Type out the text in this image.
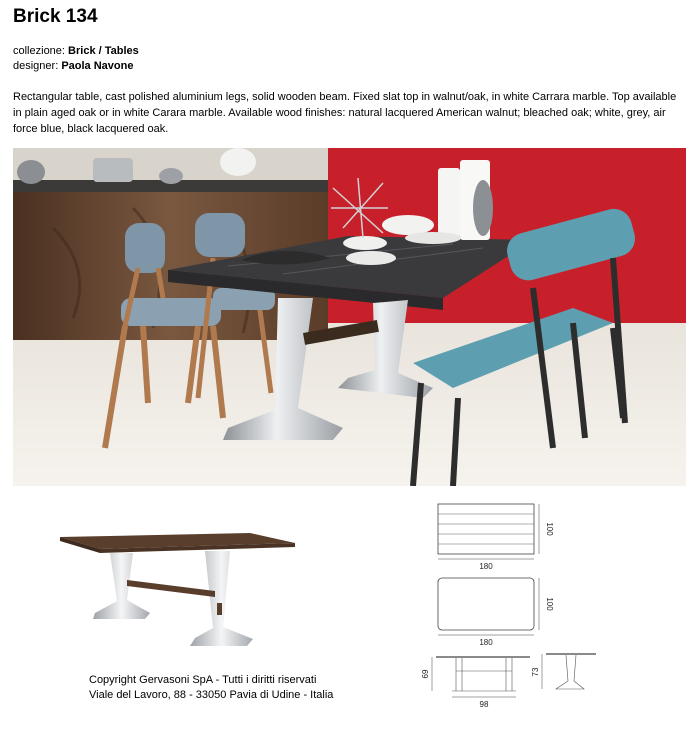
Brick 134
collezione: Brick / Tables
designer: Paola Navone
Rectangular table, cast polished aluminium legs, solid wooden beam. Fixed slat top in walnut/oak, in white Carrara marble. Top available in plain aged oak or in white Carara marble. Available wood finishes: natural lacquered American walnut; bleached oak; white, grey, air force blue, black lacquered oak.
Copyright Gervasoni SpA - Tutti i diritti riservati
Viale del Lavoro, 88 - 33050 Pavia di Udine - Italia
180
100
180
100
69
98
73
